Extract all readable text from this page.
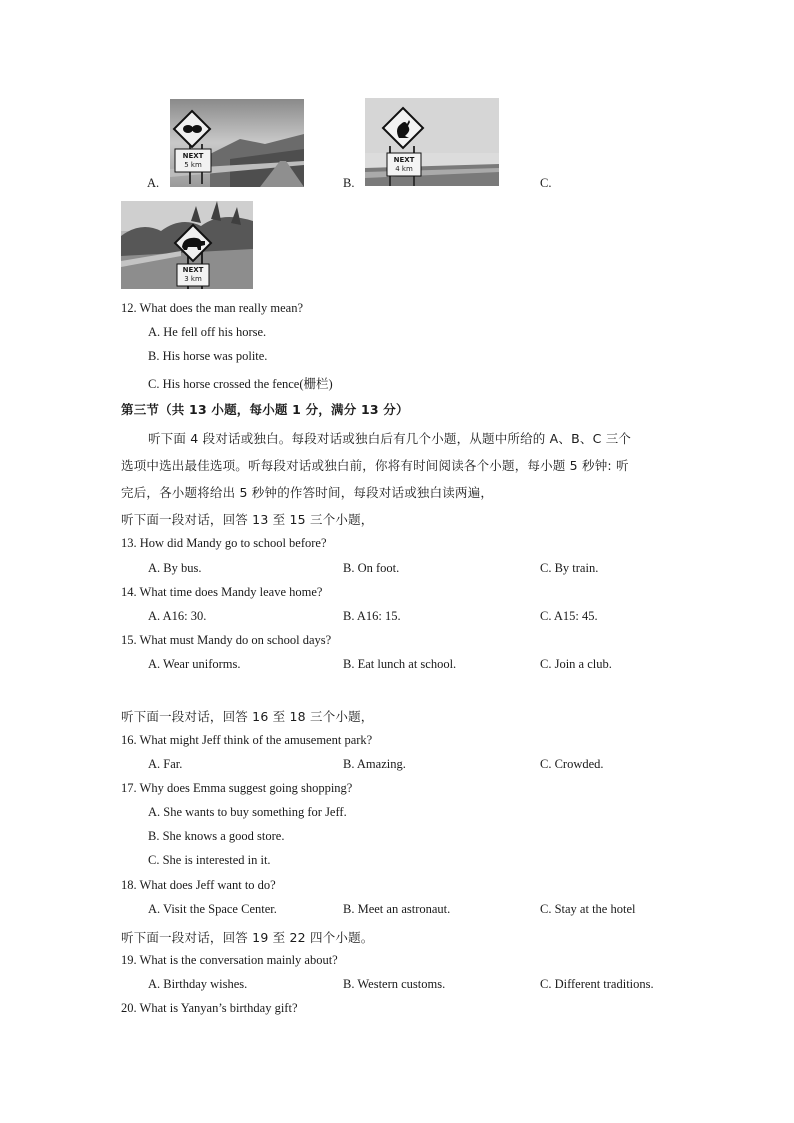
A.
NEXT
5 km
B.
NEXT
4 km
C.
NEXT
3 km
12. What does the man really mean?
A. He fell off his horse.
B. His horse was polite.
C. His horse crossed the fence(栅栏)
第三节（共 13 小题，每小题 1 分，满分 13 分）
听下面 4 段对话或独白。每段对话或独白后有几个小题，从题中所给的 A、B、C 三个
选项中选出最佳选项。听每段对话或独白前，你将有时间阅读各个小题，每小题 5 秒钟: 听
完后，各小题将给出 5 秒钟的作答时间，每段对话或独白读两遍，
听下面一段对话，回答 13 至 15 三个小题，
13. How did Mandy go to school before?
A. By bus.	B. On foot.	C. By train.
14. What time does Mandy leave home?
A. A16: 30.	B. A16: 15.	C. A15: 45.
15. What must Mandy do on school days?
A. Wear uniforms.	B. Eat lunch at school.	C. Join a club.
听下面一段对话，回答 16 至 18 三个小题，
16. What might Jeff think of the amusement park?
A. Far.	B. Amazing.	C. Crowded.
17. Why does Emma suggest going shopping?
A. She wants to buy something for Jeff.
B. She knows a good store.
C. She is interested in it.
18. What does Jeff want to do?
A. Visit the Space Center.	B. Meet an astronaut.	C. Stay at the hotel
听下面一段对话，回答 19 至 22 四个小题。
19. What is the conversation mainly about?
A. Birthday wishes.	B. Western customs.	C. Different traditions.
20. What is Yanyan’s birthday gift?
